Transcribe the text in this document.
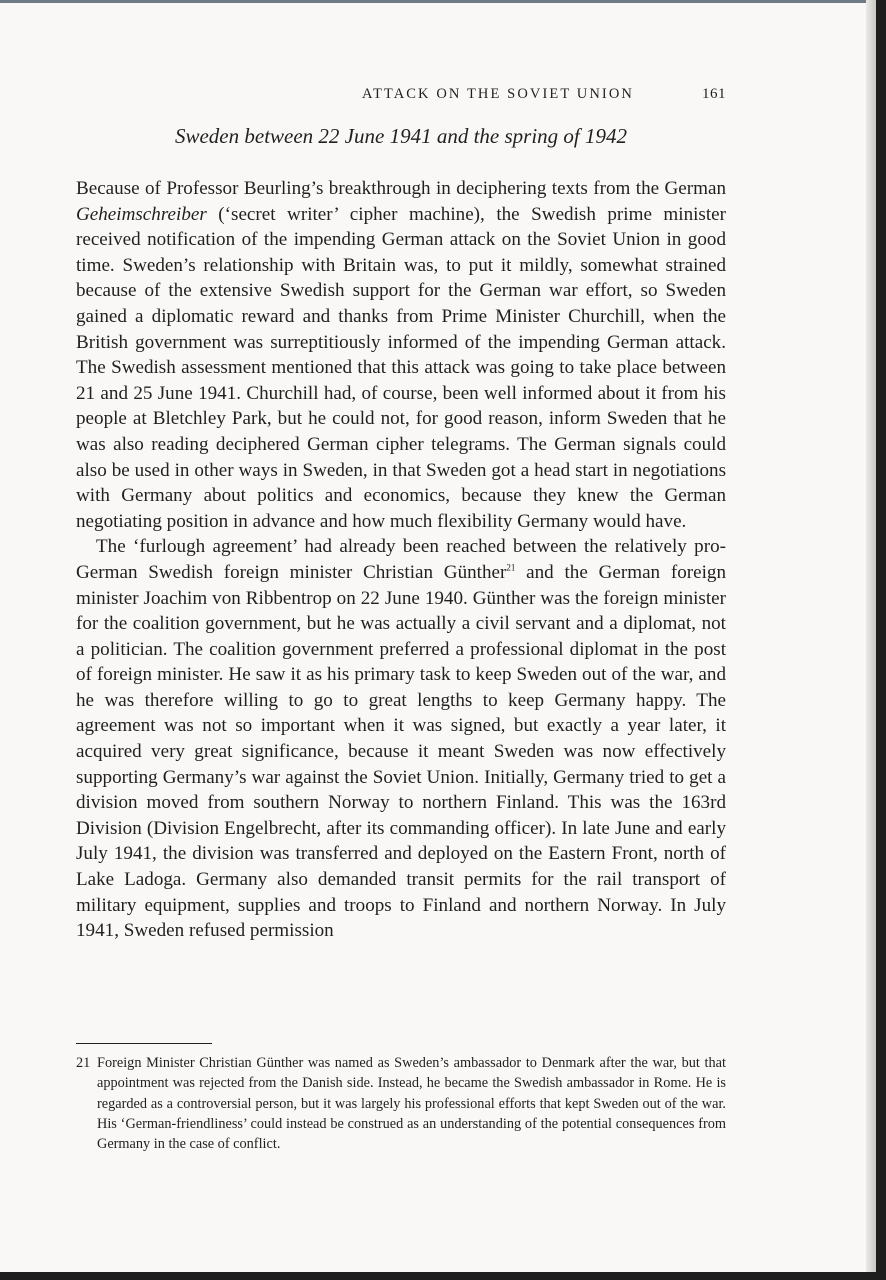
ATTACK ON THE SOVIET UNION	161
Sweden between 22 June 1941 and the spring of 1942

Because of Professor Beurling’s breakthrough in deciphering texts from the German Geheimschreiber (‘secret writer’ cipher machine), the Swedish prime minister received notification of the impending German attack on the Soviet Union in good time. Sweden’s relationship with Britain was, to put it mildly, somewhat strained because of the extensive Swedish support for the German war effort, so Sweden gained a diplomatic reward and thanks from Prime Minister Churchill, when the British government was surreptitiously informed of the impending German attack. The Swedish assessment mentioned that this attack was going to take place between 21 and 25 June 1941. Churchill had, of course, been well informed about it from his people at Bletchley Park, but he could not, for good reason, inform Sweden that he was also reading deciphered German cipher telegrams. The German signals could also be used in other ways in Sweden, in that Sweden got a head start in negotiations with Germany about politics and economics, because they knew the German negotiating position in advance and how much flexibility Germany would have.

The ‘furlough agreement’ had already been reached between the relatively pro-German Swedish foreign minister Christian Günther$^{21}$ and the German foreign minister Joachim von Ribbentrop on 22 June 1940. Günther was the foreign minister for the coalition government, but he was actually a civil servant and a diplomat, not a politician. The coalition government preferred a professional diplomat in the post of foreign minister. He saw it as his primary task to keep Sweden out of the war, and he was therefore willing to go to great lengths to keep Germany happy. The agreement was not so important when it was signed, but exactly a year later, it acquired very great significance, because it meant Sweden was now effectively supporting Germany’s war against the Soviet Union. Initially, Germany tried to get a division moved from southern Norway to northern Finland. This was the 163rd Division (Division Engelbrecht, after its commanding officer). In late June and early July 1941, the division was transferred and deployed on the Eastern Front, north of Lake Ladoga. Germany also demanded transit permits for the rail transport of military equipment, supplies and troops to Finland and northern Norway. In July 1941, Sweden refused permission

21 Foreign Minister Christian Günther was named as Sweden’s ambassador to Denmark after the war, but that appointment was rejected from the Danish side. Instead, he became the Swedish ambassador in Rome. He is regarded as a controversial person, but it was largely his professional efforts that kept Sweden out of the war. His ‘German-friendliness’ could instead be construed as an understanding of the potential consequences from Germany in the case of conflict.
